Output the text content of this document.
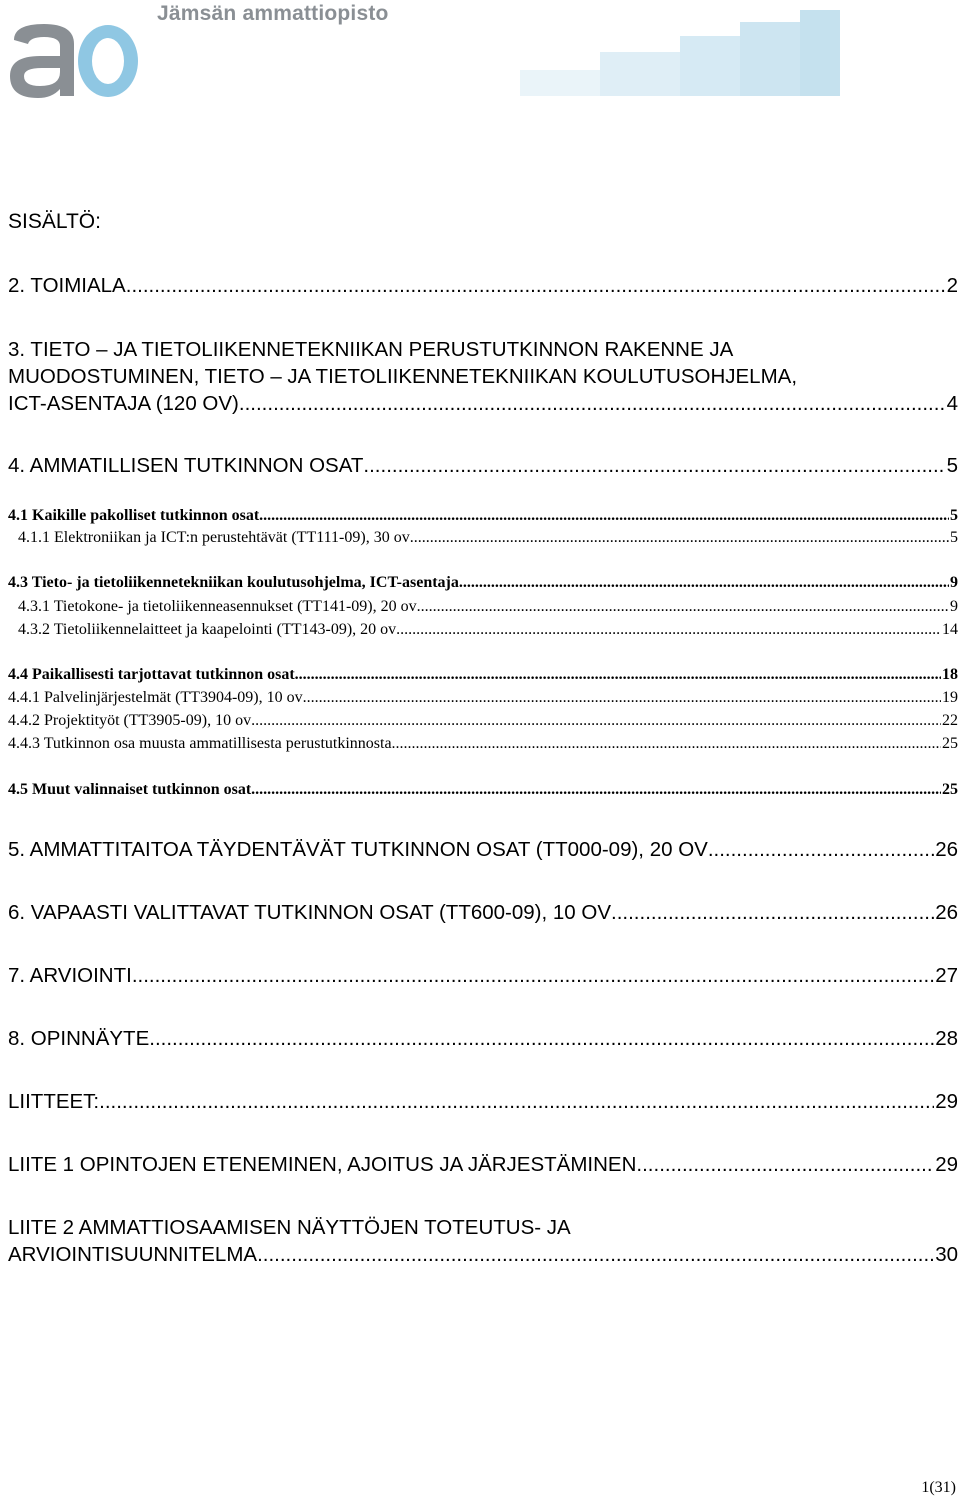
Jämsän ammattiopisto
SISÄLTÖ:
2. TOIMIALA .....	2
3. TIETO – JA TIETOLIIKENNETEKNIIKAN PERUSTUTKINNON RAKENNE JA
MUODOSTUMINEN, TIETO – JA TIETOLIIKENNETEKNIIKAN KOULUTUSOHJELMA,
ICT-ASENTAJA (120 OV) .....	4
4. AMMATILLISEN TUTKINNON OSAT .....	5
4.1 Kaikille pakolliset tutkinnon osat .....	5
4.1.1 Elektroniikan ja ICT:n perustehtävät (TT111-09), 30 ov .....	5
4.3 Tieto- ja tietoliikennetekniikan koulutusohjelma, ICT-asentaja .....	9
4.3.1 Tietokone- ja tietoliikenneasennukset (TT141-09), 20 ov .....	9
4.3.2 Tietoliikennelaitteet ja kaapelointi (TT143-09), 20 ov .....	14
4.4 Paikallisesti tarjottavat tutkinnon osat .....	18
4.4.1 Palvelinjärjestelmät (TT3904-09), 10 ov .....	19
4.4.2 Projektityöt (TT3905-09), 10 ov .....	22
4.4.3 Tutkinnon osa muusta ammatillisesta perustutkinnosta .....	25
4.5 Muut valinnaiset tutkinnon osat .....	25
5. AMMATTITAITOA TÄYDENTÄVÄT TUTKINNON OSAT (TT000-09), 20 OV .....	26
6. VAPAASTI VALITTAVAT TUTKINNON OSAT (TT600-09), 10 OV .....	26
7. ARVIOINTI .....	27
8. OPINNÄYTE .....	28
LIITTEET: .....	29
LIITE 1 OPINTOJEN ETENEMINEN, AJOITUS JA JÄRJESTÄMINEN .....	29
LIITE 2 AMMATTIOSAAMISEN NÄYTTÖJEN TOTEUTUS- JA
ARVIOINTISUUNNITELMA .....	30
1(31)
